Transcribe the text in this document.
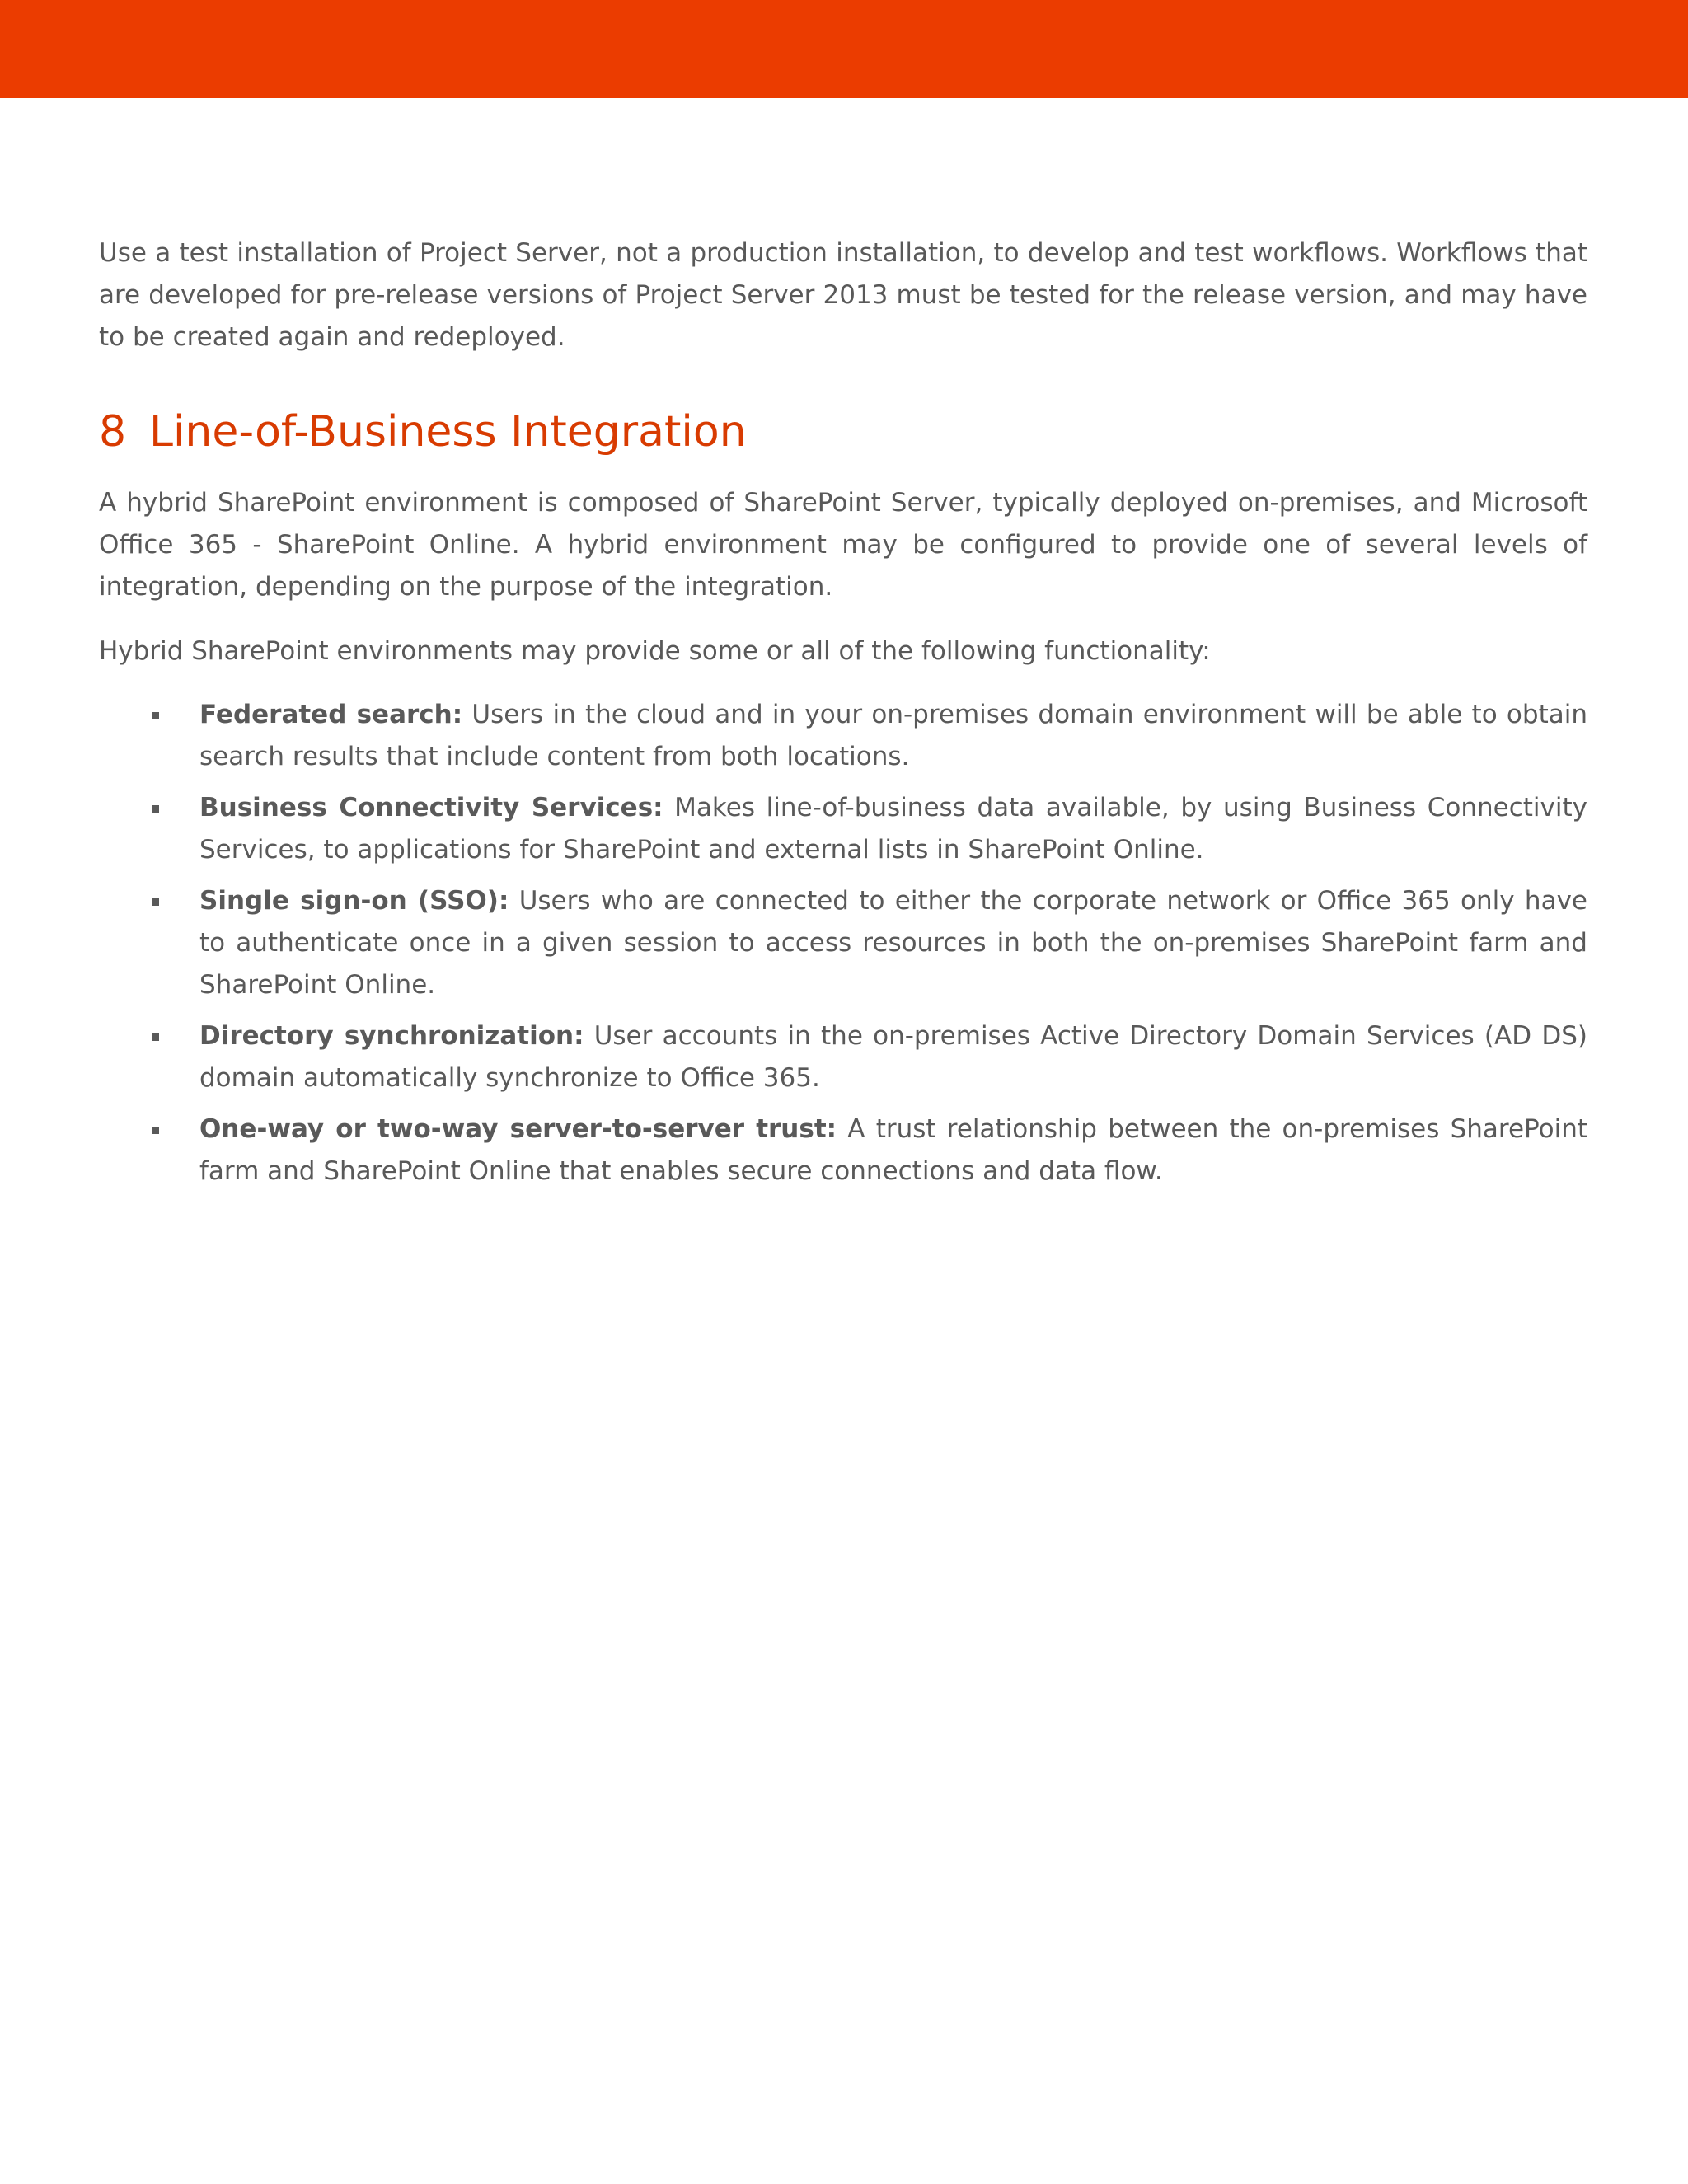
Use a test installation of Project Server, not a production installation, to develop and test workflows. Workflows that are developed for pre-release versions of Project Server 2013 must be tested for the release version, and may have to be created again and redeployed.

8 Line-of-Business Integration

A hybrid SharePoint environment is composed of SharePoint Server, typically deployed on-premises, and Microsoft Office 365 - SharePoint Online. A hybrid environment may be configured to provide one of several levels of integration, depending on the purpose of the integration.

Hybrid SharePoint environments may provide some or all of the following functionality:

Federated search: Users in the cloud and in your on-premises domain environment will be able to obtain search results that include content from both locations.
Business Connectivity Services: Makes line-of-business data available, by using Business Connectivity Services, to applications for SharePoint and external lists in SharePoint Online.
Single sign-on (SSO): Users who are connected to either the corporate network or Office 365 only have to authenticate once in a given session to access resources in both the on-premises SharePoint farm and SharePoint Online.
Directory synchronization: User accounts in the on-premises Active Directory Domain Services (AD DS) domain automatically synchronize to Office 365.
One-way or two-way server-to-server trust: A trust relationship between the on-premises SharePoint farm and SharePoint Online that enables secure connections and data flow.
